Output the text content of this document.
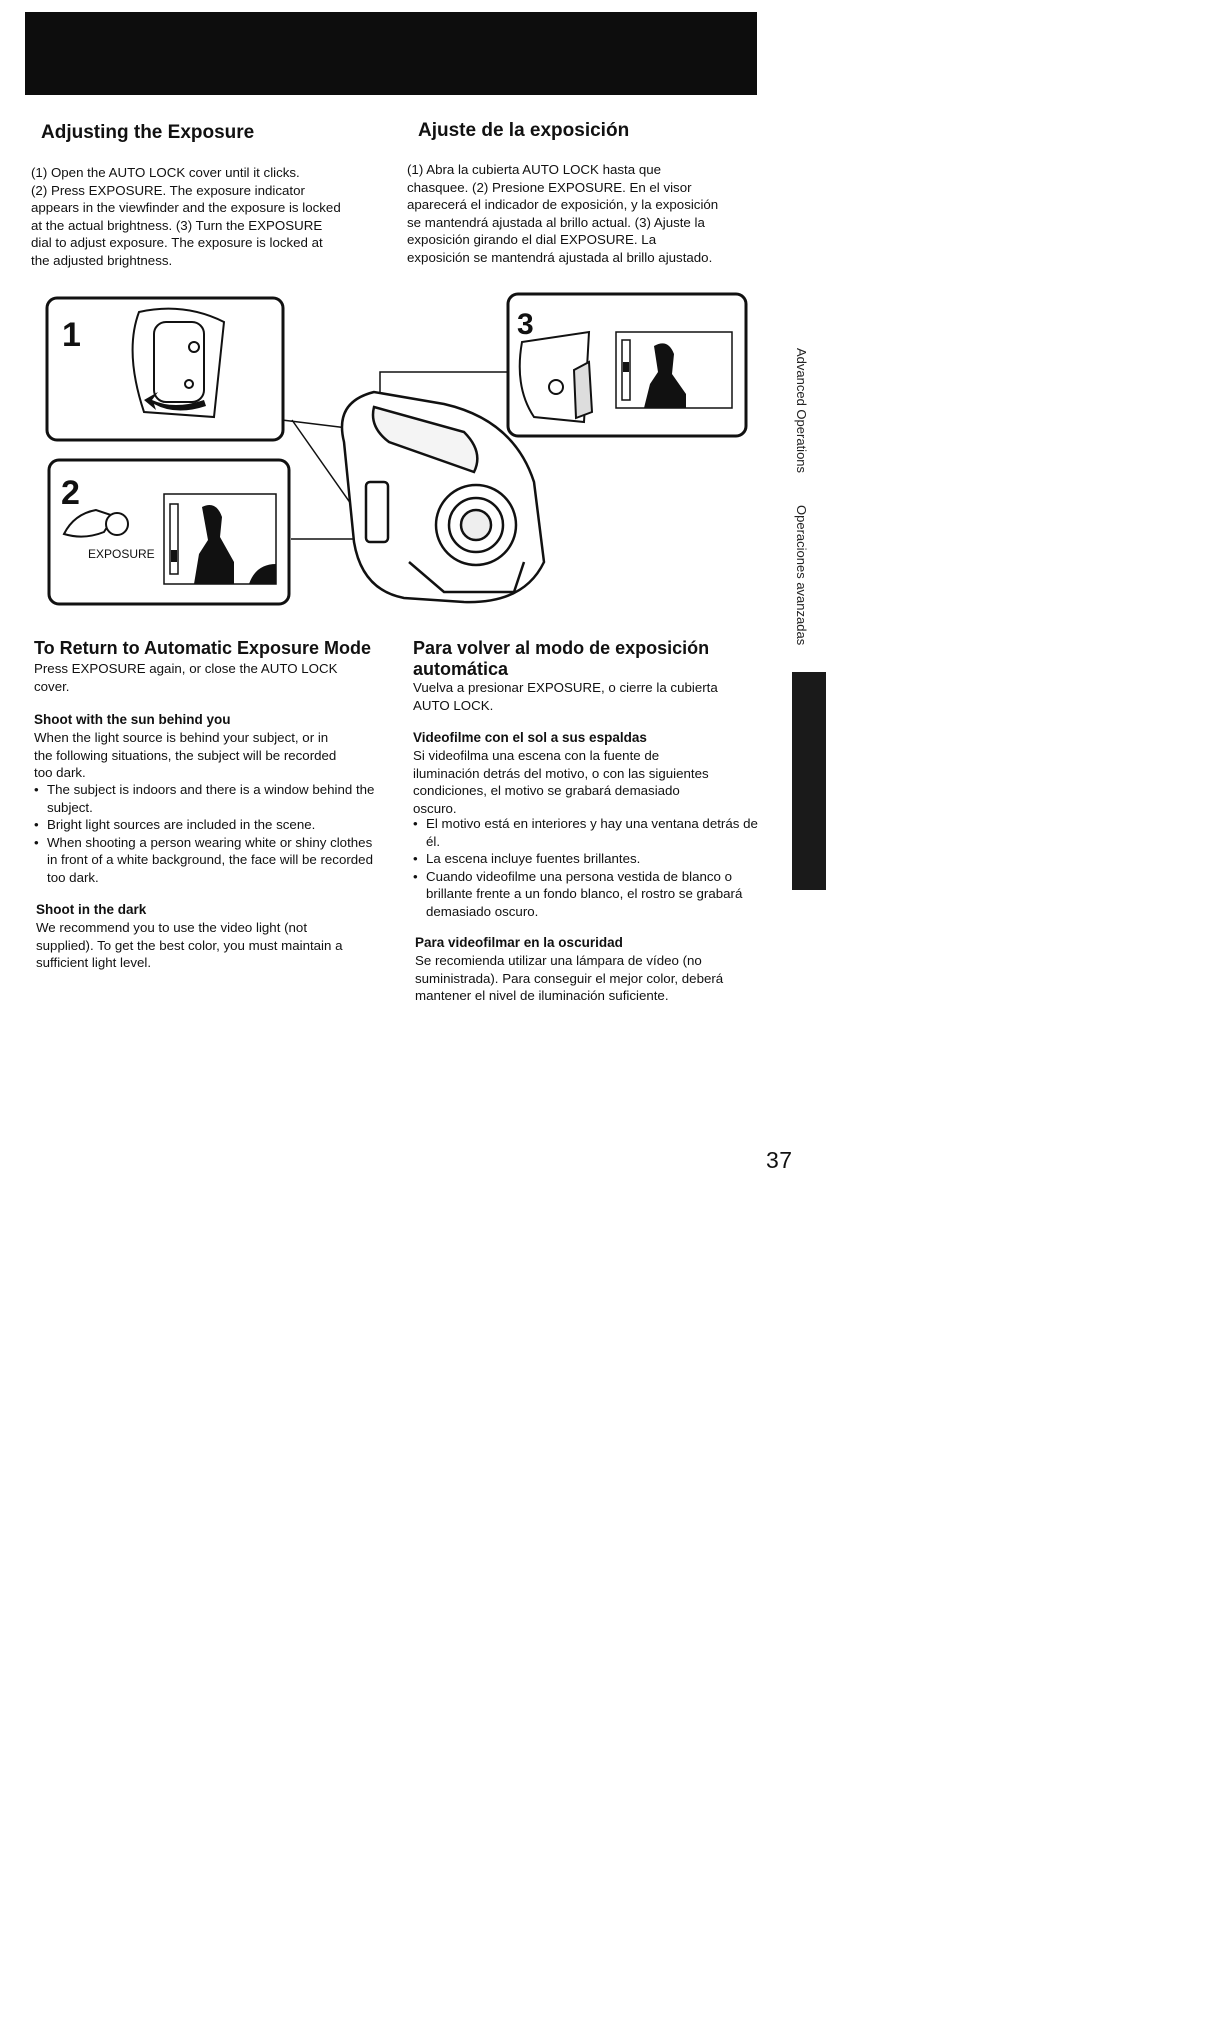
Adjusting the Exposure	Ajuste de la exposición
(1) Open the AUTO LOCK cover until it clicks.
(2) Press EXPOSURE. The exposure indicator
appears in the viewfinder and the exposure is locked
at the actual brightness. (3) Turn the EXPOSURE
dial to adjust exposure. The exposure is locked at
the adjusted brightness.
(1) Abra la cubierta AUTO LOCK hasta que
chasquee. (2) Presione EXPOSURE. En el visor
aparecerá el indicador de exposición, y la exposición
se mantendrá ajustada al brillo actual. (3) Ajuste la
exposición girando el dial EXPOSURE. La
exposición se mantendrá ajustada al brillo ajustado.
1
2
EXPOSURE
3
To Return to Automatic Exposure Mode
Press EXPOSURE again, or close the AUTO LOCK
cover.
Shoot with the sun behind you
When the light source is behind your subject, or in
the following situations, the subject will be recorded
too dark.
• The subject is indoors and there is a window behind the subject.
• Bright light sources are included in the scene.
• When shooting a person wearing white or shiny clothes in front of a white background, the face will be recorded too dark.
Shoot in the dark
We recommend you to use the video light (not
supplied). To get the best color, you must maintain a
sufficient light level.
Para volver al modo de exposición
automática
Vuelva a presionar EXPOSURE, o cierre la cubierta
AUTO LOCK.
Videofilme con el sol a sus espaldas
Si videofilma una escena con la fuente de
iluminación detrás del motivo, o con las siguientes
condiciones, el motivo se grabará demasiado
oscuro.
• El motivo está en interiores y hay una ventana detrás de él.
• La escena incluye fuentes brillantes.
• Cuando videofilme una persona vestida de blanco o brillante frente a un fondo blanco, el rostro se grabará demasiado oscuro.
Para videofilmar en la oscuridad
Se recomienda utilizar una lámpara de vídeo (no
suministrada). Para conseguir el mejor color, deberá
mantener el nivel de iluminación suficiente.
Advanced Operations Operaciones avanzadas
37
